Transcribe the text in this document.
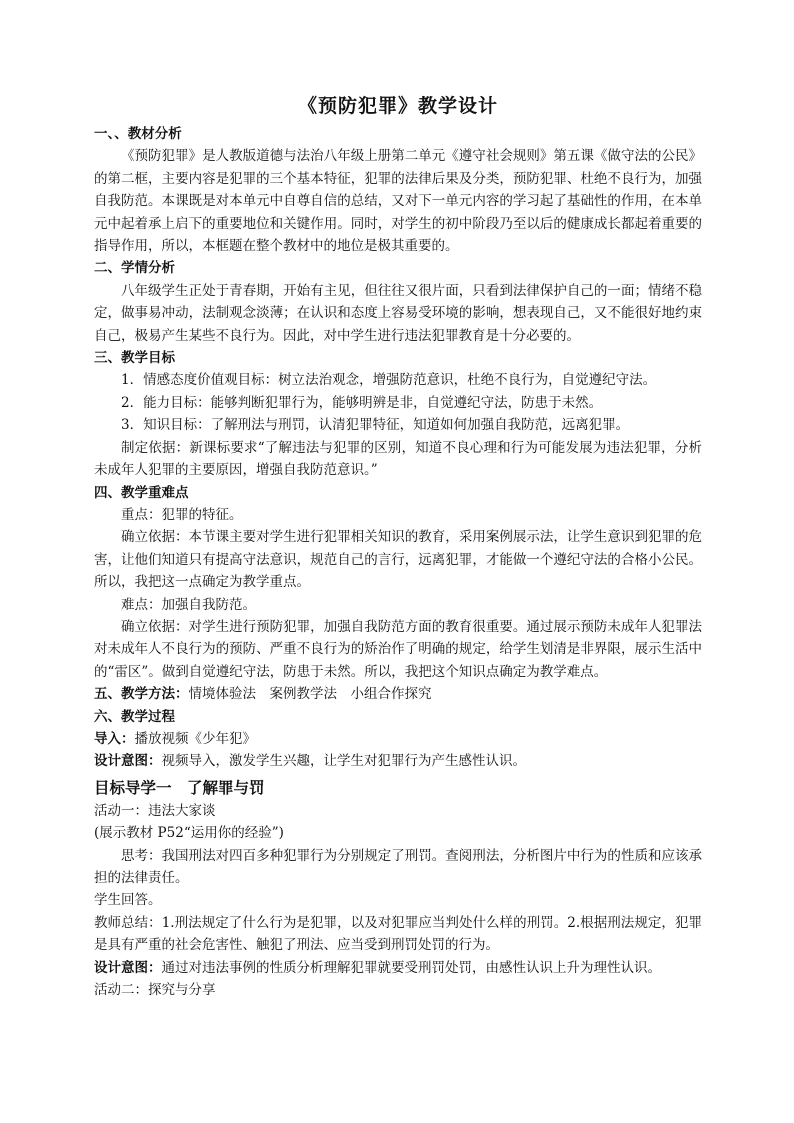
《预防犯罪》教学设计
一、、教材分析
《预防犯罪》是人教版道德与法治八年级上册第二单元《遵守社会规则》第五课《做守法的公民》的第二框，主要内容是犯罪的三个基本特征，犯罪的法律后果及分类，预防犯罪、杜绝不良行为，加强自我防范。本课既是对本单元中自尊自信的总结，又对下一单元内容的学习起了基础性的作用，在本单元中起着承上启下的重要地位和关键作用。同时，对学生的初中阶段乃至以后的健康成长都起着重要的指导作用，所以，本框题在整个教材中的地位是极其重要的。
二、学情分析
八年级学生正处于青春期，开始有主见，但往往又很片面，只看到法律保护自己的一面；情绪不稳定，做事易冲动，法制观念淡薄；在认识和态度上容易受环境的影响，想表现自己，又不能很好地约束自己，极易产生某些不良行为。因此，对中学生进行违法犯罪教育是十分必要的。
三、教学目标
1．情感态度价值观目标：树立法治观念，增强防范意识，杜绝不良行为，自觉遵纪守法。
2．能力目标：能够判断犯罪行为，能够明辨是非，自觉遵纪守法，防患于未然。
3．知识目标：了解刑法与刑罚，认清犯罪特征，知道如何加强自我防范，远离犯罪。
制定依据：新课标要求“了解违法与犯罪的区别，知道不良心理和行为可能发展为违法犯罪，分析未成年人犯罪的主要原因，增强自我防范意识。”
四、教学重难点
重点：犯罪的特征。
确立依据：本节课主要对学生进行犯罪相关知识的教育，采用案例展示法，让学生意识到犯罪的危害，让他们知道只有提高守法意识，规范自己的言行，远离犯罪，才能做一个遵纪守法的合格小公民。所以，我把这一点确定为教学重点。
难点：加强自我防范。
确立依据：对学生进行预防犯罪，加强自我防范方面的教育很重要。通过展示预防未成年人犯罪法对未成年人不良行为的预防、严重不良行为的矫治作了明确的规定，给学生划清是非界限，展示生活中的“雷区”。做到自觉遵纪守法，防患于未然。所以，我把这个知识点确定为教学难点。
五、教学方法：情境体验法　案例教学法　小组合作探究
六、教学过程
导入：播放视频《少年犯》
设计意图：视频导入，激发学生兴趣，让学生对犯罪行为产生感性认识。
目标导学一　了解罪与罚
活动一：违法大家谈
(展示教材 P52“运用你的经验”)
思考：我国刑法对四百多种犯罪行为分别规定了刑罚。查阅刑法，分析图片中行为的性质和应该承担的法律责任。
学生回答。
教师总结：1.刑法规定了什么行为是犯罪，以及对犯罪应当判处什么样的刑罚。2.根据刑法规定，犯罪是具有严重的社会危害性、触犯了刑法、应当受到刑罚处罚的行为。
设计意图：通过对违法事例的性质分析理解犯罪就要受刑罚处罚，由感性认识上升为理性认识。
活动二：探究与分享
